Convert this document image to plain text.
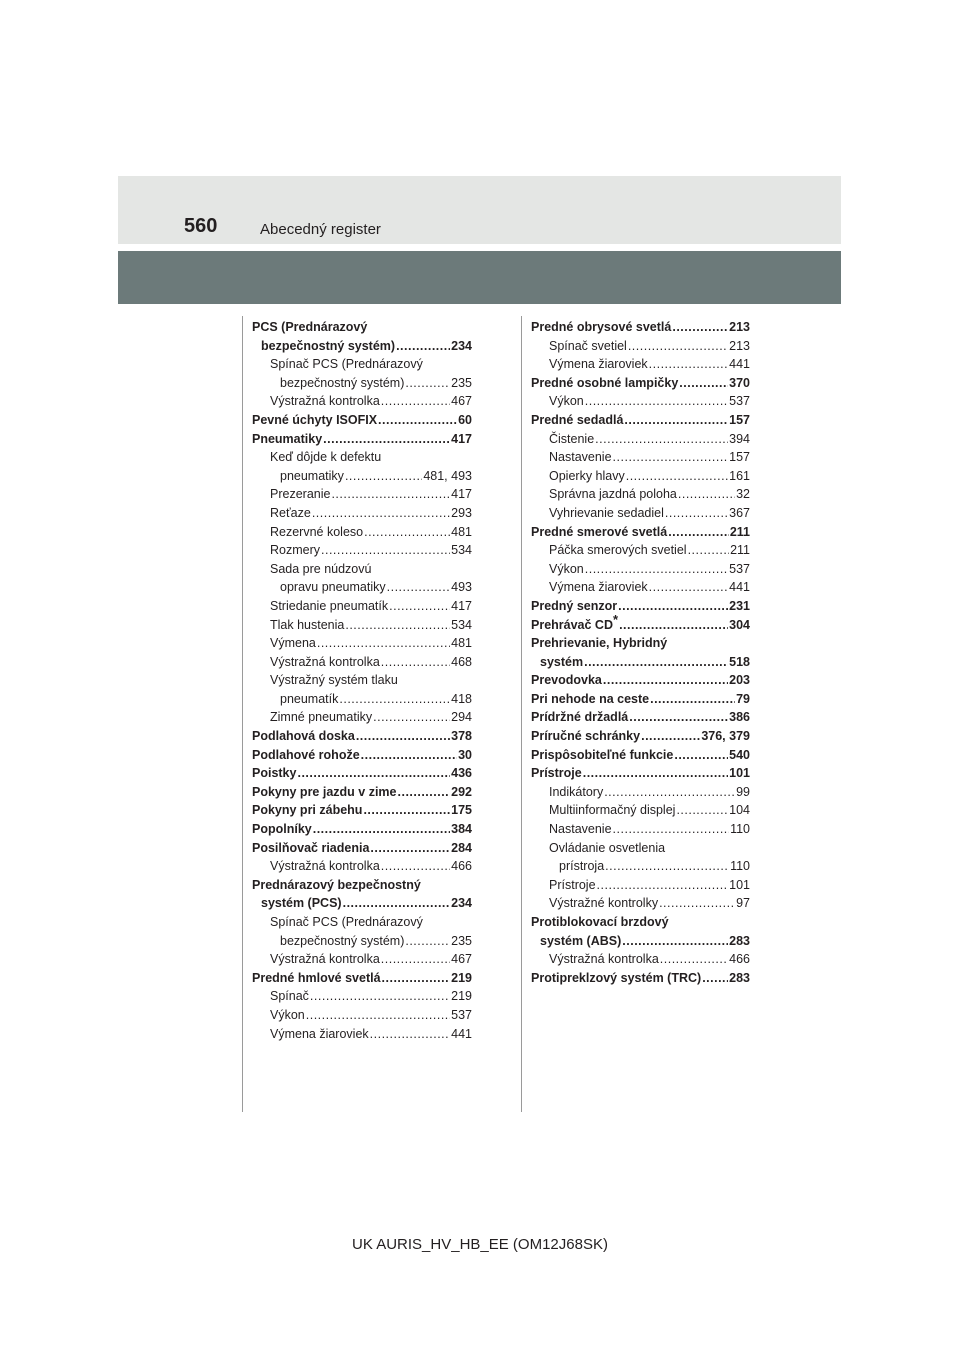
560	Abecedný register
PCS (Prednárazový
bezpečnostný systém) .....	234
Spínač PCS (Prednárazový
bezpečnostný systém) .....	235
Výstražná kontrolka .....	467
Pevné úchyty ISOFIX .....	60
Pneumatiky .....	417
Keď dôjde k defektu
pneumatiky .....	481, 493
Prezeranie .....	417
Reťaze .....	293
Rezervné koleso .....	481
Rozmery .....	534
Sada pre núdzovú
opravu pneumatiky .....	493
Striedanie pneumatík .....	417
Tlak hustenia .....	534
Výmena .....	481
Výstražná kontrolka .....	468
Výstražný systém tlaku
pneumatík .....	418
Zimné pneumatiky .....	294
Podlahová doska .....	378
Podlahové rohože .....	30
Poistky .....	436
Pokyny pre jazdu v zime .....	292
Pokyny pri zábehu .....	175
Popolníky .....	384
Posilňovač riadenia .....	284
Výstražná kontrolka .....	466
Prednárazový bezpečnostný
systém (PCS) .....	234
Spínač PCS (Prednárazový
bezpečnostný systém) .....	235
Výstražná kontrolka .....	467
Predné hmlové svetlá .....	219
Spínač .....	219
Výkon .....	537
Výmena žiaroviek .....	441
Predné obrysové svetlá .....	213
Spínač svetiel .....	213
Výmena žiaroviek .....	441
Predné osobné lampičky .....	370
Výkon .....	537
Predné sedadlá .....	157
Čistenie .....	394
Nastavenie .....	157
Opierky hlavy .....	161
Správna jazdná poloha .....	32
Vyhrievanie sedadiel .....	367
Predné smerové svetlá .....	211
Páčka smerových svetiel .....	211
Výkon .....	537
Výmena žiaroviek .....	441
Predný senzor .....	231
Prehrávač CD* .....	304
Prehrievanie, Hybridný
systém .....	518
Prevodovka .....	203
Pri nehode na ceste .....	79
Prídržné držadlá .....	386
Príručné schránky .....	376, 379
Prispôsobiteľné funkcie .....	540
Prístroje .....	101
Indikátory .....	99
Multiinformačný displej .....	104
Nastavenie .....	110
Ovládanie osvetlenia
prístroja .....	110
Prístroje .....	101
Výstražné kontrolky .....	97
Protiblokovací brzdový
systém (ABS) .....	283
Výstražná kontrolka .....	466
Protipreklzový systém (TRC) ..... 283
UK AURIS_HV_HB_EE (OM12J68SK)
